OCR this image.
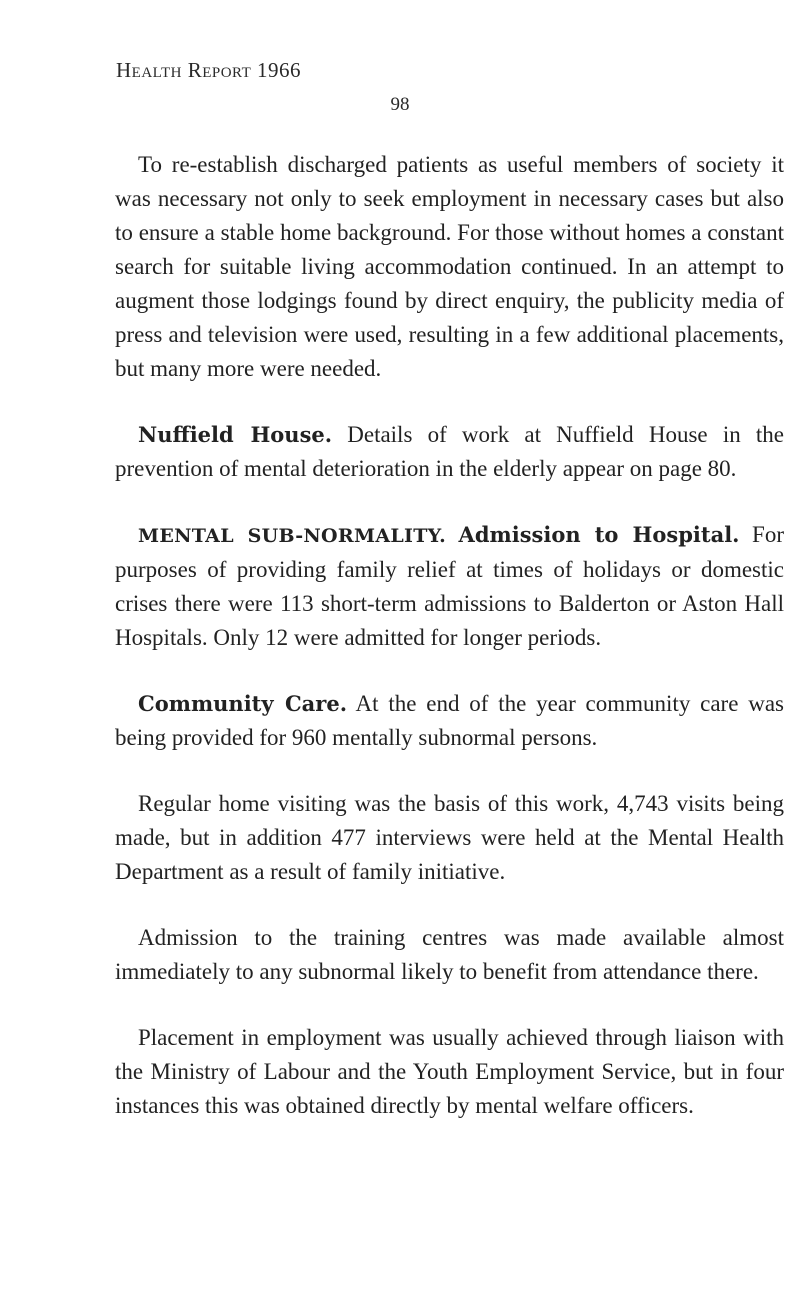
Health Report 1966
98

To re-establish discharged patients as useful members of society it was necessary not only to seek employment in necessary cases but also to ensure a stable home background. For those without homes a constant search for suitable living accommodation continued. In an attempt to augment those lodgings found by direct enquiry, the publicity media of press and television were used, resulting in a few additional placements, but many more were needed.

Nuffield House. Details of work at Nuffield House in the prevention of mental deterioration in the elderly appear on page 80.

MENTAL SUB-NORMALITY. Admission to Hospital. For purposes of providing family relief at times of holidays or domestic crises there were 113 short-term admissions to Balderton or Aston Hall Hospitals. Only 12 were admitted for longer periods.

Community Care. At the end of the year community care was being provided for 960 mentally subnormal persons.

Regular home visiting was the basis of this work, 4,743 visits being made, but in addition 477 interviews were held at the Mental Health Department as a result of family initiative.

Admission to the training centres was made available almost immediately to any subnormal likely to benefit from attendance there.

Placement in employment was usually achieved through liaison with the Ministry of Labour and the Youth Employment Service, but in four instances this was obtained directly by mental welfare officers.
